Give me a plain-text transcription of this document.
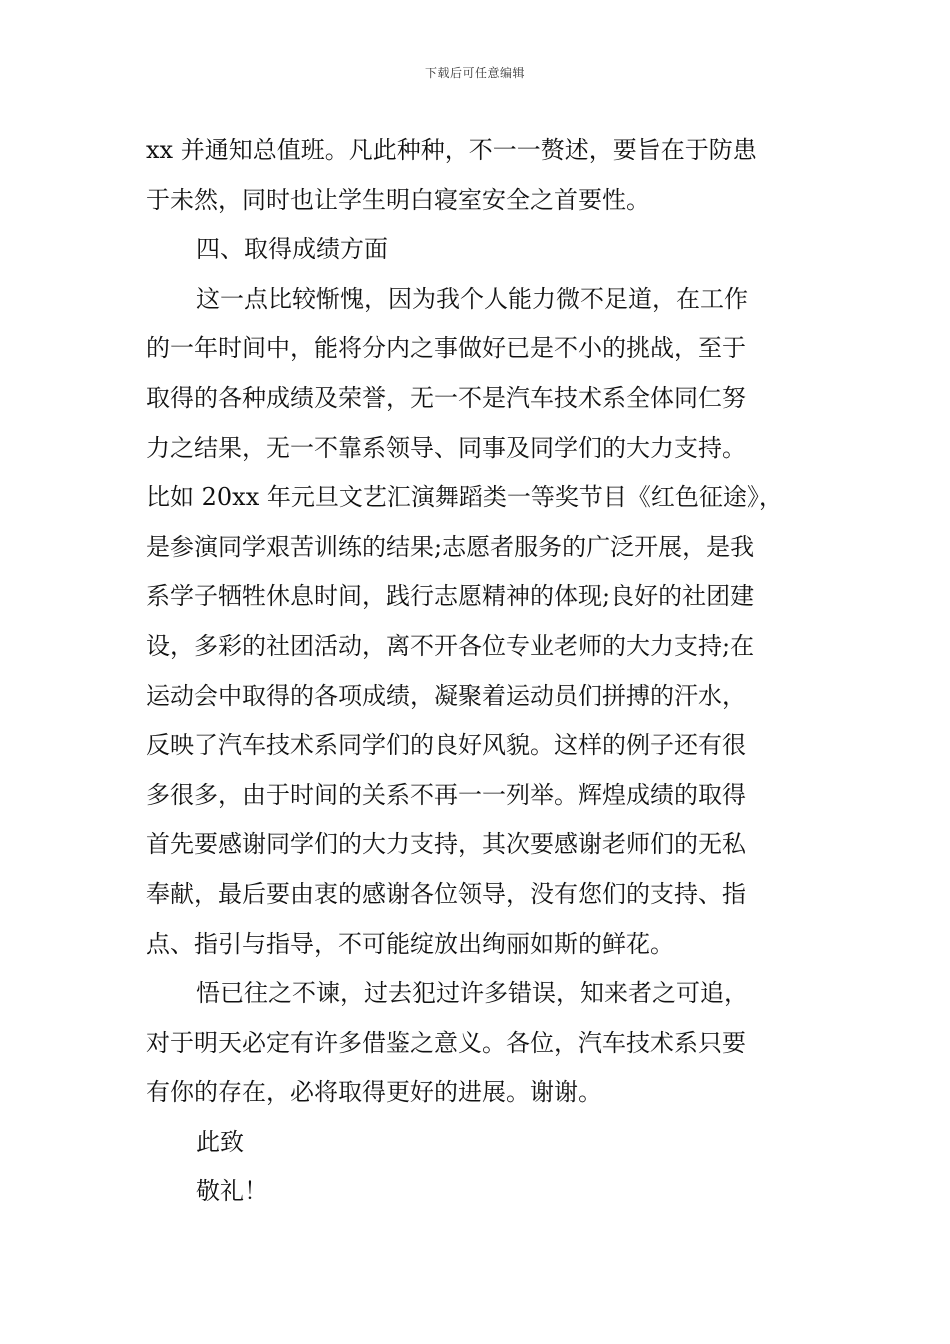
下载后可任意编辑
xx 并通知总值班。凡此种种，不一一赘述，要旨在于防患
于未然，同时也让学生明白寝室安全之首要性。
四、取得成绩方面
这一点比较惭愧，因为我个人能力微不足道，在工作
的一年时间中，能将分内之事做好已是不小的挑战，至于
取得的各种成绩及荣誉，无一不是汽车技术系全体同仁努
力之结果，无一不靠系领导、同事及同学们的大力支持。
比如 20xx 年元旦文艺汇演舞蹈类一等奖节目《红色征途》，
是参演同学艰苦训练的结果;志愿者服务的广泛开展，是我
系学子牺牲休息时间，践行志愿精神的体现;良好的社团建
设，多彩的社团活动，离不开各位专业老师的大力支持;在
运动会中取得的各项成绩，凝聚着运动员们拼搏的汗水，
反映了汽车技术系同学们的良好风貌。这样的例子还有很
多很多，由于时间的关系不再一一列举。辉煌成绩的取得
首先要感谢同学们的大力支持，其次要感谢老师们的无私
奉献，最后要由衷的感谢各位领导，没有您们的支持、指
点、指引与指导，不可能绽放出绚丽如斯的鲜花。
悟已往之不谏，过去犯过许多错误，知来者之可追，
对于明天必定有许多借鉴之意义。各位，汽车技术系只要
有你的存在，必将取得更好的进展。谢谢。
此致
敬礼！
